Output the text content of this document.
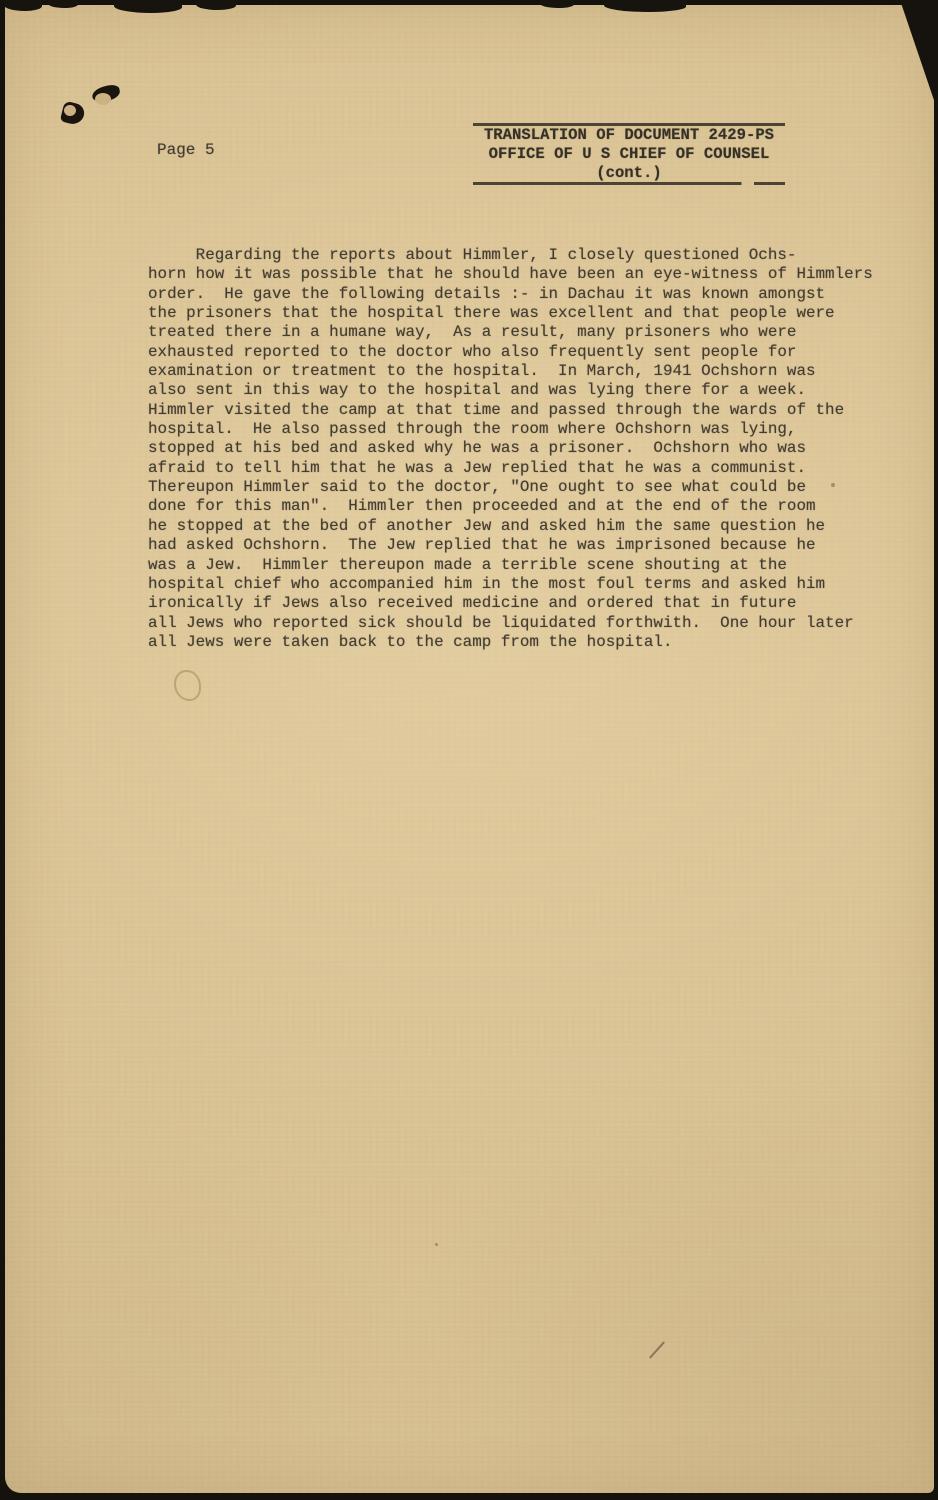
Page 5
TRANSLATION OF DOCUMENT 2429-PS
OFFICE OF U S CHIEF OF COUNSEL
(cont.)
Regarding the reports about Himmler, I closely questioned Ochs-
horn how it was possible that he should have been an eye-witness of Himmlers
order.  He gave the following details :- in Dachau it was known amongst
the prisoners that the hospital there was excellent and that people were
treated there in a humane way,  As a result, many prisoners who were
exhausted reported to the doctor who also frequently sent people for
examination or treatment to the hospital.  In March, 1941 Ochshorn was
also sent in this way to the hospital and was lying there for a week.
Himmler visited the camp at that time and passed through the wards of the
hospital.  He also passed through the room where Ochshorn was lying,
stopped at his bed and asked why he was a prisoner.  Ochshorn who was
afraid to tell him that he was a Jew replied that he was a communist.
Thereupon Himmler said to the doctor, "One ought to see what could be
done for this man".  Himmler then proceeded and at the end of the room
he stopped at the bed of another Jew and asked him the same question he
had asked Ochshorn.  The Jew replied that he was imprisoned because he
was a Jew.  Himmler thereupon made a terrible scene shouting at the
hospital chief who accompanied him in the most foul terms and asked him
ironically if Jews also received medicine and ordered that in future
all Jews who reported sick should be liquidated forthwith.  One hour later
all Jews were taken back to the camp from the hospital.
